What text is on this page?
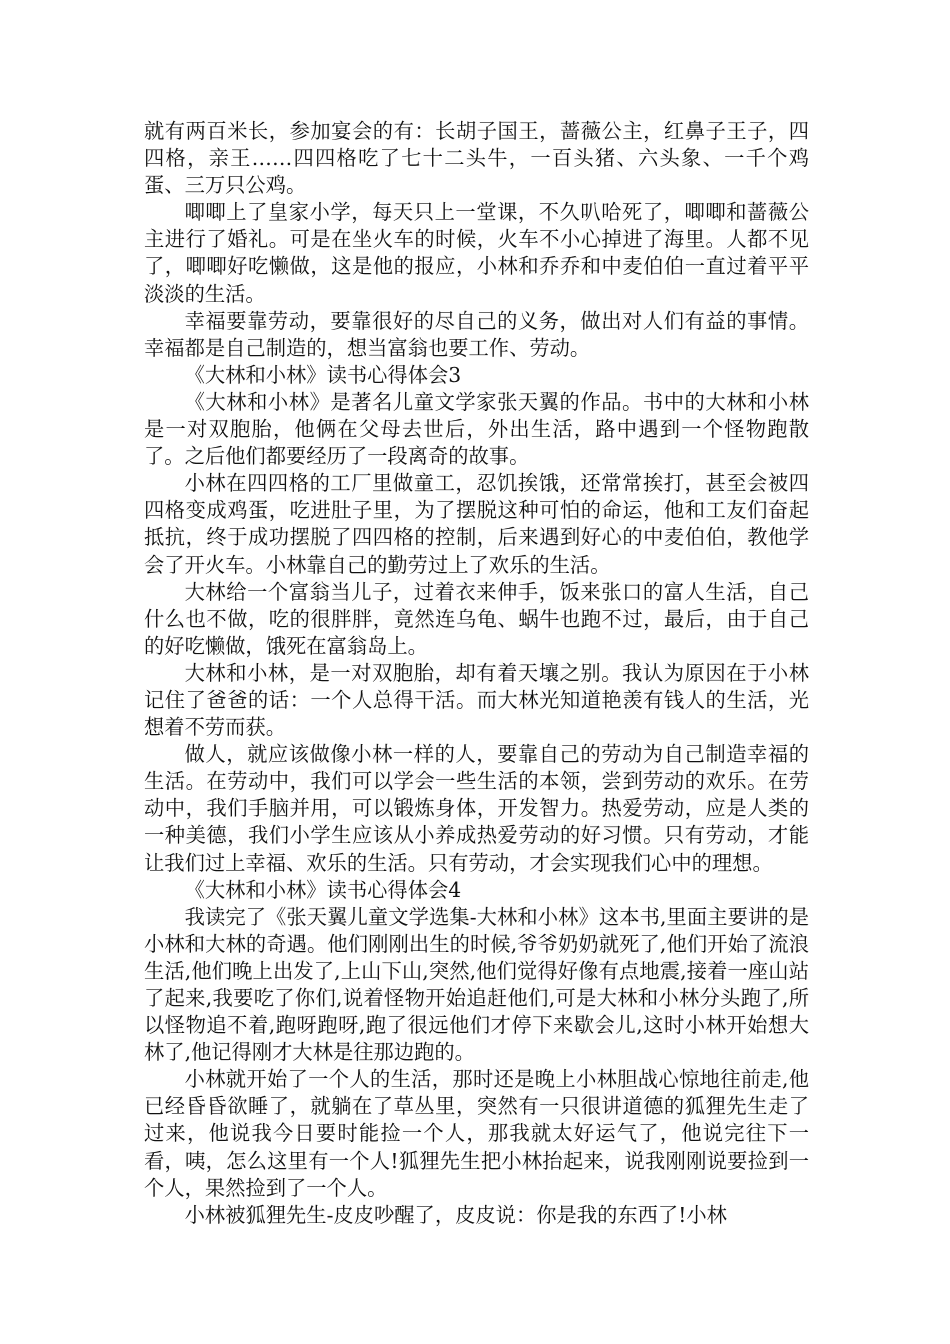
就有两百米长，参加宴会的有：长胡子国王，蔷薇公主，红鼻子王子，四四格，亲王……四四格吃了七十二头牛，一百头猪、六头象、一千个鸡蛋、三万只公鸡。

唧唧上了皇家小学，每天只上一堂课，不久叭哈死了，唧唧和蔷薇公主进行了婚礼。可是在坐火车的时候，火车不小心掉进了海里。人都不见了，唧唧好吃懒做，这是他的报应，小林和乔乔和中麦伯伯一直过着平平淡淡的生活。

幸福要靠劳动，要靠很好的尽自己的义务，做出对人们有益的事情。幸福都是自己制造的，想当富翁也要工作、劳动。

《大林和小林》读书心得体会3

《大林和小林》是著名儿童文学家张天翼的作品。书中的大林和小林是一对双胞胎，他俩在父母去世后，外出生活，路中遇到一个怪物跑散了。之后他们都要经历了一段离奇的故事。

小林在四四格的工厂里做童工，忍饥挨饿，还常常挨打，甚至会被四四格变成鸡蛋，吃进肚子里，为了摆脱这种可怕的命运，他和工友们奋起抵抗，终于成功摆脱了四四格的控制，后来遇到好心的中麦伯伯，教他学会了开火车。小林靠自己的勤劳过上了欢乐的生活。

大林给一个富翁当儿子，过着衣来伸手，饭来张口的富人生活，自己什么也不做，吃的很胖胖，竟然连乌龟、蜗牛也跑不过，最后，由于自己的好吃懒做，饿死在富翁岛上。

大林和小林，是一对双胞胎，却有着天壤之别。我认为原因在于小林记住了爸爸的话：一个人总得干活。而大林光知道艳羡有钱人的生活，光想着不劳而获。

做人，就应该做像小林一样的人，要靠自己的劳动为自己制造幸福的生活。在劳动中，我们可以学会一些生活的本领，尝到劳动的欢乐。在劳动中，我们手脑并用，可以锻炼身体，开发智力。热爱劳动，应是人类的一种美德，我们小学生应该从小养成热爱劳动的好习惯。只有劳动，才能让我们过上幸福、欢乐的生活。只有劳动，才会实现我们心中的理想。

《大林和小林》读书心得体会4

我读完了《张天翼儿童文学选集-大林和小林》这本书,里面主要讲的是小林和大林的奇遇。他们刚刚出生的时候,爷爷奶奶就死了,他们开始了流浪生活,他们晚上出发了,上山下山,突然,他们觉得好像有点地震,接着一座山站了起来,我要吃了你们,说着怪物开始追赶他们,可是大林和小林分头跑了,所以怪物追不着,跑呀跑呀,跑了很远他们才停下来歇会儿,这时小林开始想大林了,他记得刚才大林是往那边跑的。

小林就开始了一个人的生活，那时还是晚上小林胆战心惊地往前走,他已经昏昏欲睡了，就躺在了草丛里，突然有一只很讲道德的狐狸先生走了过来，他说我今日要时能捡一个人，那我就太好运气了，他说完往下一看，咦，怎么这里有一个人!狐狸先生把小林抬起来，说我刚刚说要捡到一个人，果然捡到了一个人。

小林被狐狸先生-皮皮吵醒了，皮皮说：你是我的东西了!小林
